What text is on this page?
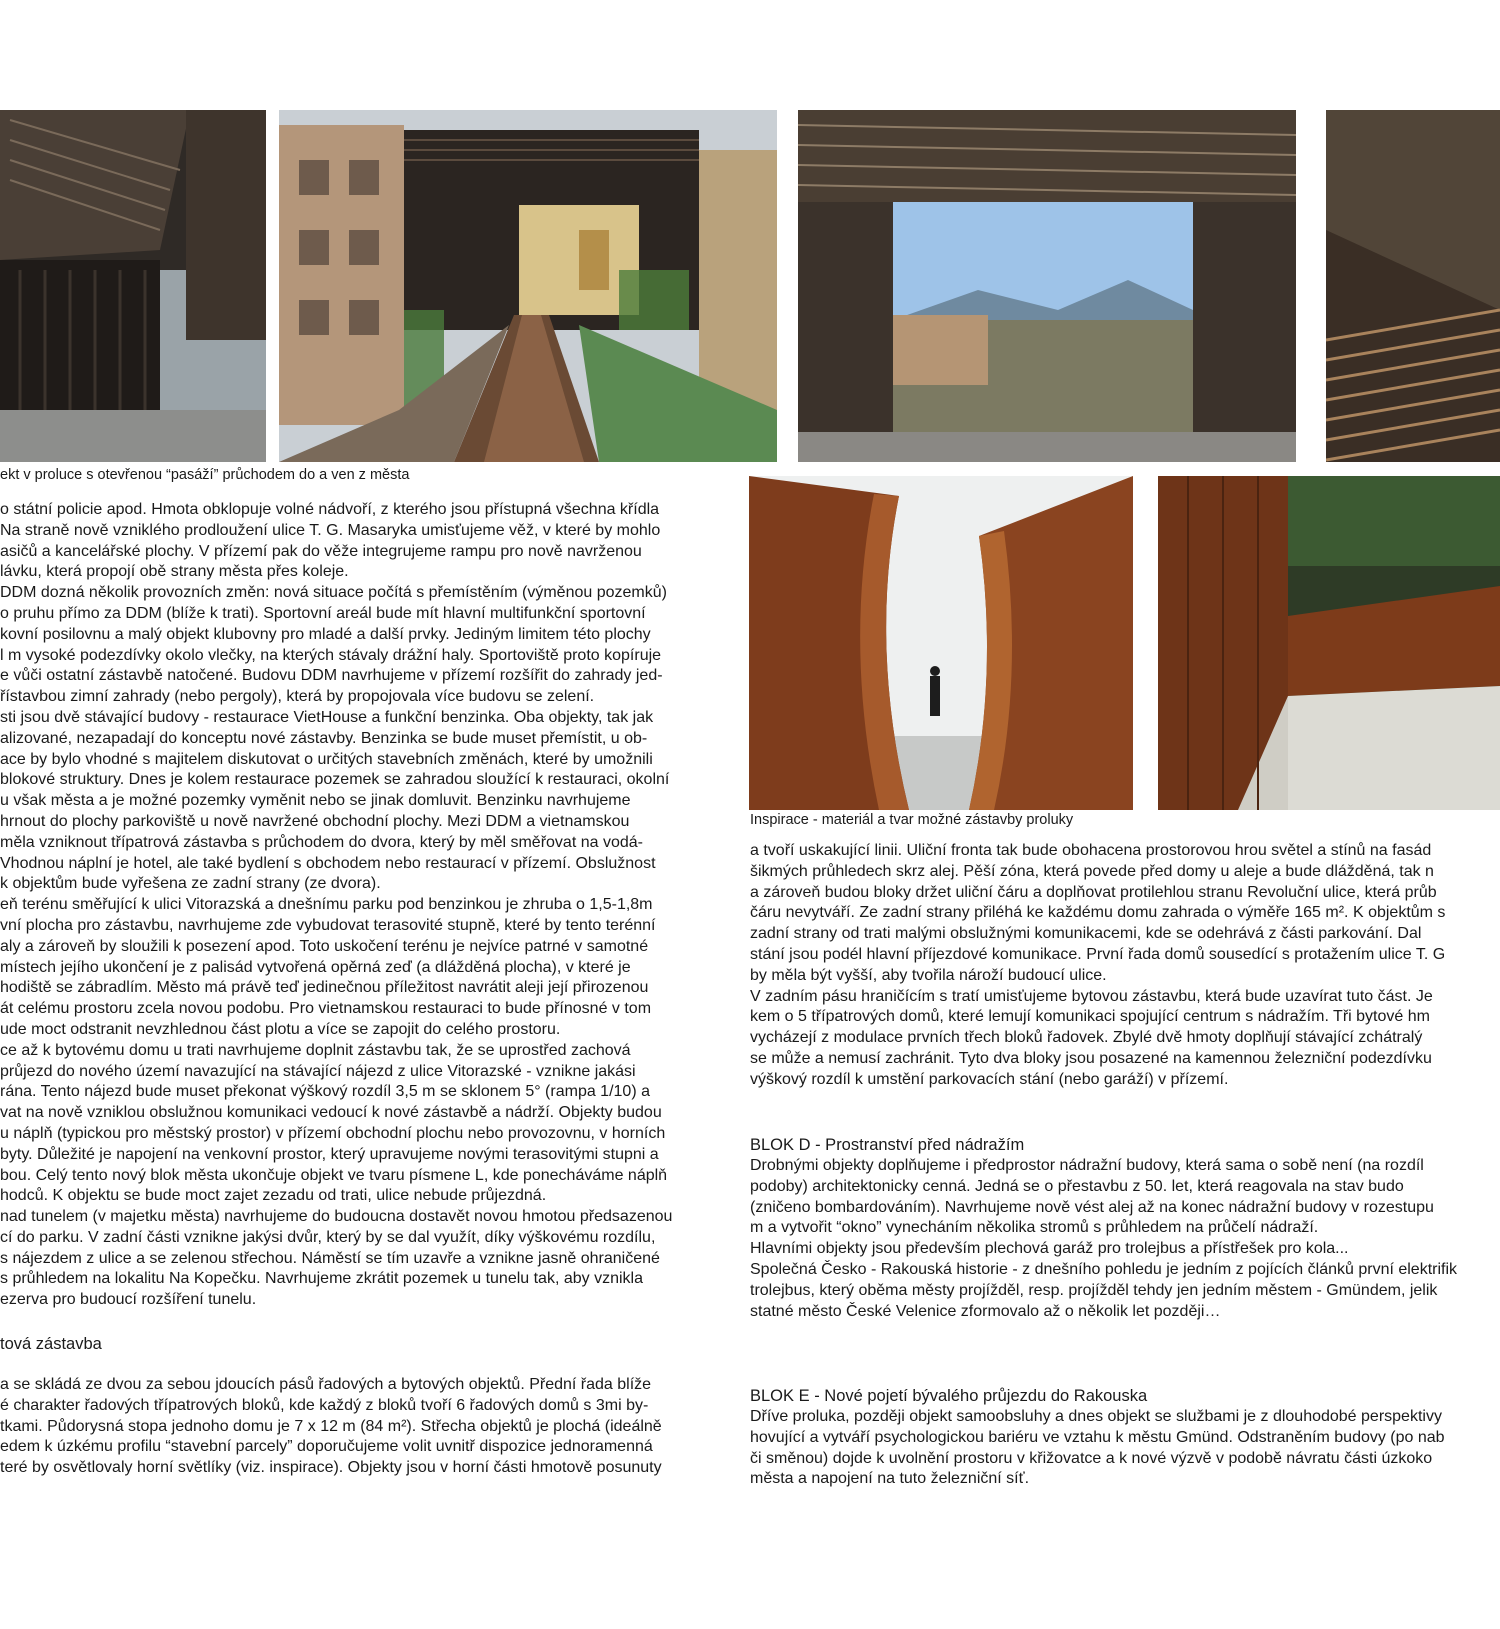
ekt v proluce s otevřenou “pasáží” průchodem do a ven z města
Inspirace - materiál a tvar možné zástavby proluky

o státní policie apod. Hmota obklopuje volné nádvoří, z kterého jsou přístupná všechna křídla

Na straně nově vzniklého prodloužení ulice T. G. Masaryka umisťujeme věž, v které by mohlo

asičů a kancelářské plochy. V přízemí pak do věže integrujeme rampu pro nově navrženou

lávku, která propojí obě strany města přes koleje.

DDM dozná několik provozních změn: nová situace počítá s přemístěním (výměnou pozemků)

o pruhu přímo za DDM (blíže k trati). Sportovní areál bude mít hlavní multifunkční sportovní

kovní posilovnu a malý objekt klubovny pro mladé a další prvky. Jediným limitem této plochy

l m vysoké podezdívky okolo vlečky, na kterých stávaly drážní haly. Sportoviště proto kopíruje

e vůči ostatní zástavbě natočené. Budovu DDM navrhujeme v přízemí rozšířit do zahrady jed-

řístavbou zimní zahrady (nebo pergoly), která by propojovala více budovu se zelení.

sti jsou dvě stávající budovy - restaurace VietHouse a funkční benzinka. Oba objekty, tak jak

alizované, nezapadají do konceptu nové zástavby. Benzinka se bude muset přemístit, u ob-

ace by bylo vhodné s majitelem diskutovat o určitých stavebních změnách, které by umožnili

blokové struktury. Dnes je kolem restaurace pozemek se zahradou sloužící k restauraci, okolní

u však města a je možné pozemky vyměnit nebo se jinak domluvit. Benzinku navrhujeme

hrnout do plochy parkoviště u nově navržené obchodní plochy. Mezi DDM a vietnamskou

měla vzniknout třípatrová zástavba s průchodem do dvora, který by měl směřovat na vodá-

Vhodnou náplní je hotel, ale také bydlení s obchodem nebo restaurací v přízemí. Obslužnost

k objektům bude vyřešena ze zadní strany (ze dvora).

eň terénu směřující k ulici Vitorazská a dnešnímu parku pod benzinkou je zhruba o 1,5-1,8m

vní plocha pro zástavbu, navrhujeme zde vybudovat terasovité stupně, které by tento terénní

aly a zároveň by sloužili k posezení apod. Toto uskočení terénu je nejvíce patrné v samotné

místech jejího ukončení je z palisád vytvořená opěrná zeď (a dlážděná plocha), v které je

hodiště se zábradlím. Město má právě teď jedinečnou příležitost navrátit aleji její přirozenou

át celému prostoru zcela novou podobu. Pro vietnamskou restauraci to bude přínosné v tom

ude moct odstranit nevzhlednou část plotu a více se zapojit do celého prostoru.

ce až k bytovému domu u trati navrhujeme doplnit zástavbu tak, že se uprostřed zachová

průjezd do nového území navazující na stávající nájezd z ulice Vitorazské - vznikne jakási

rána. Tento nájezd bude muset překonat výškový rozdíl 3,5 m se sklonem 5° (rampa 1/10) a

vat na nově vzniklou obslužnou komunikaci vedoucí k nové zástavbě a nádrží. Objekty budou

u náplň (typickou pro městský prostor) v přízemí obchodní plochu nebo provozovnu, v horních

byty. Důležité je napojení na venkovní prostor, který upravujeme novými terasovitými stupni a

bou. Celý tento nový blok města ukončuje objekt ve tvaru písmene L, kde ponecháváme náplň

hodců. K objektu se bude moct zajet zezadu od trati, ulice nebude průjezdná.

nad tunelem (v majetku města) navrhujeme do budoucna dostavět novou hmotou předsazenou

cí do parku. V zadní části vznikne jakýsi dvůr, který by se dal využít, díky výškovému rozdílu,

s nájezdem z ulice a se zelenou střechou. Náměstí se tím uzavře a vznikne jasně ohraničené

s průhledem na lokalitu Na Kopečku. Navrhujeme zkrátit pozemek u tunelu tak, aby vznikla

ezerva pro budoucí rozšíření tunelu.

tová zástavba

a se skládá ze dvou za sebou jdoucích pásů řadových a bytových objektů. Přední řada blíže

é charakter řadových třípatrových bloků, kde každý z bloků tvoří 6 řadových domů s 3mi by-

tkami. Půdorysná stopa jednoho domu je 7 x 12 m (84 m²). Střecha objektů je plochá (ideálně

edem k úzkému profilu “stavební parcely” doporučujeme volit uvnitř dispozice jednoramenná

teré by osvětlovaly horní světlíky (viz. inspirace). Objekty jsou v horní části hmotově posunuty

a tvoří uskakující linii. Uliční fronta tak bude obohacena prostorovou hrou světel a stínů na fasád

šikmých průhledech skrz alej. Pěší zóna, která povede před domy u aleje a bude dlážděná, tak n

a zároveň budou bloky držet uliční čáru a doplňovat protilehlou stranu Revoluční ulice, která průb

čáru nevytváří. Ze zadní strany přiléhá ke každému domu zahrada o výměře 165 m². K objektům s

zadní strany od trati malými obslužnými komunikacemi, kde se odehrává z části parkování. Dal

stání jsou podél hlavní příjezdové komunikace. První řada domů sousedící s protažením ulice T. G

by měla být vyšší, aby tvořila nároží budoucí ulice.

V zadním pásu hraničícím s tratí umisťujeme bytovou zástavbu, která bude uzavírat tuto část. Je

kem o 5 třípatrových domů, které lemují komunikaci spojující centrum s nádražím. Tři bytové hm

vycházejí z modulace prvních třech bloků řadovek. Zbylé dvě hmoty doplňují stávající zchátralý

se může a nemusí zachránit. Tyto dva bloky jsou posazené na kamennou železniční podezdívku

výškový rozdíl k umstění parkovacích stání (nebo garáží) v přízemí.

BLOK D - Prostranství před nádražím

Drobnými objekty doplňujeme i předprostor nádražní budovy, která sama o sobě není (na rozdíl

podoby) architektonicky cenná. Jedná se o přestavbu z 50. let, která reagovala na stav budo

(zničeno bombardováním). Navrhujeme nově vést alej až na konec nádražní budovy v rozestupu

m a vytvořit “okno” vynecháním několika stromů s průhledem na průčelí nádraží.

Hlavními objekty jsou především plechová garáž pro trolejbus a přístřešek pro kola...

Společná Česko - Rakouská historie - z dnešního pohledu je jedním z pojících článků první elektrifik

trolejbus, který oběma městy projížděl, resp. projížděl tehdy jen jedním městem - Gmündem, jelik

statné město České Velenice zformovalo až o několik let později…

BLOK E - Nové pojetí bývalého průjezdu do Rakouska

Dříve proluka, později objekt samoobsluhy a dnes objekt se službami je z dlouhodobé perspektivy

hovující a vytváří psychologickou bariéru ve vztahu k městu Gmünd. Odstraněním budovy (po nab

či směnou) dojde k uvolnění prostoru v křižovatce a k nové výzvě v podobě návratu části úzkoko

města a napojení na tuto železniční síť.
